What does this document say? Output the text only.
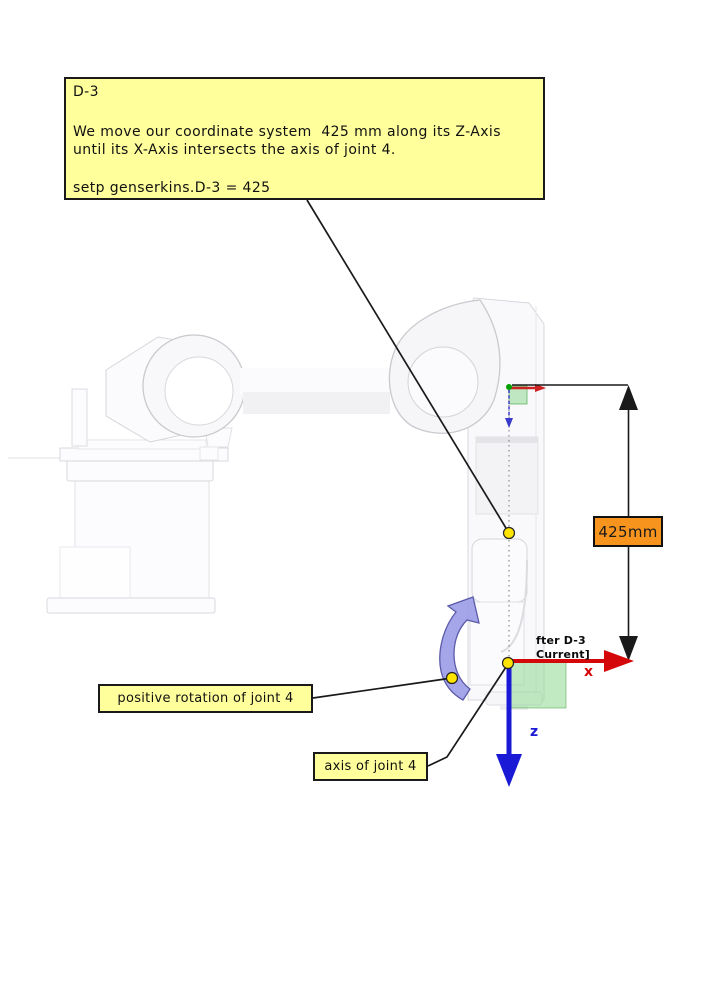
D-3
We move our coordinate system  425 mm along its Z-Axis
until its X-Axis intersects the axis of joint 4.
setp genserkins.D-3 = 425
positive rotation of joint 4
axis of joint 4
425mm
fter D-3
Current]
x
z
